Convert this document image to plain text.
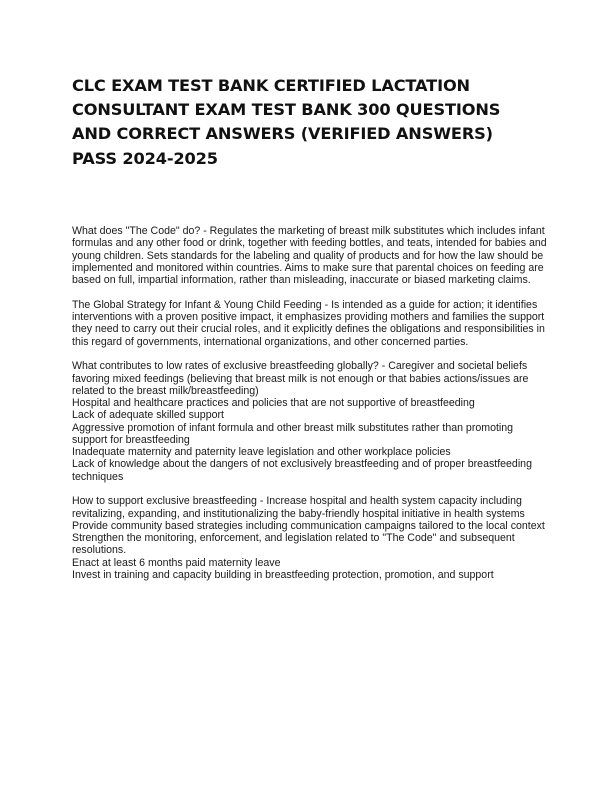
CLC EXAM TEST BANK CERTIFIED LACTATION CONSULTANT EXAM TEST BANK 300 QUESTIONS AND CORRECT ANSWERS (VERIFIED ANSWERS) PASS 2024-2025

What does "The Code" do? - Regulates the marketing of breast milk substitutes which includes infant formulas and any other food or drink, together with feeding bottles, and teats, intended for babies and young children. Sets standards for the labeling and quality of products and for how the law should be implemented and monitored within countries. Aims to make sure that parental choices on feeding are based on full, impartial information, rather than misleading, inaccurate or biased marketing claims.

The Global Strategy for Infant & Young Child Feeding - Is intended as a guide for action; it identifies interventions with a proven positive impact, it emphasizes providing mothers and families the support they need to carry out their crucial roles, and it explicitly defines the obligations and responsibilities in this regard of governments, international organizations, and other concerned parties.

What contributes to low rates of exclusive breastfeeding globally? - Caregiver and societal beliefs favoring mixed feedings (believing that breast milk is not enough or that babies actions/issues are related to the breast milk/breastfeeding)
Hospital and healthcare practices and policies that are not supportive of breastfeeding
Lack of adequate skilled support
Aggressive promotion of infant formula and other breast milk substitutes rather than promoting support for breastfeeding
Inadequate maternity and paternity leave legislation and other workplace policies
Lack of knowledge about the dangers of not exclusively breastfeeding and of proper breastfeeding techniques

How to support exclusive breastfeeding - Increase hospital and health system capacity including revitalizing, expanding, and institutionalizing the baby-friendly hospital initiative in health systems
Provide community based strategies including communication campaigns tailored to the local context
Strengthen the monitoring, enforcement, and legislation related to "The Code" and subsequent resolutions.
Enact at least 6 months paid maternity leave
Invest in training and capacity building in breastfeeding protection, promotion, and support
